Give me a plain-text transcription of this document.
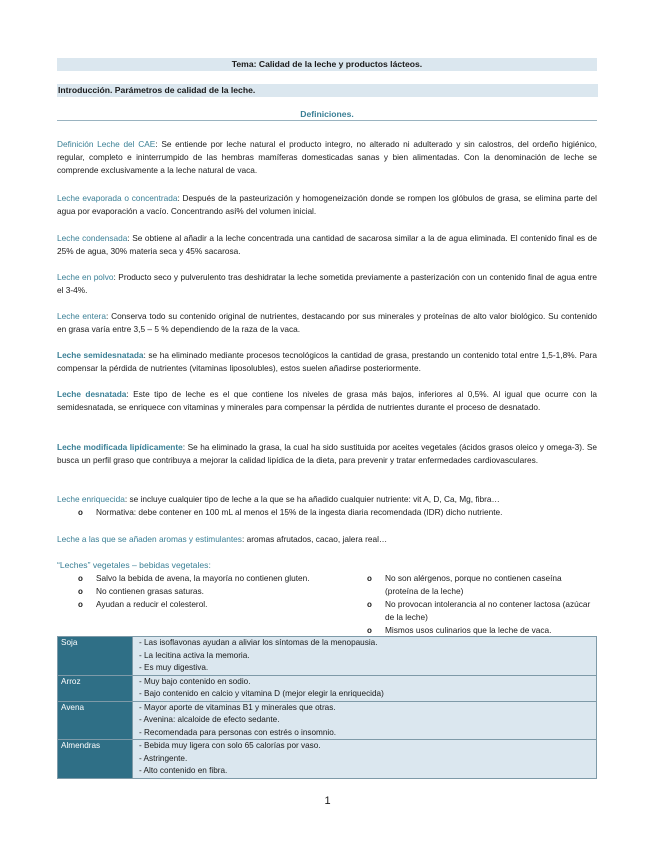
Tema: Calidad de la leche y productos lácteos.
Introducción. Parámetros de calidad de la leche.
Definiciones.
Definición Leche del CAE: Se entiende por leche natural el producto integro, no alterado ni adulterado y sin calostros, del ordeño higiénico, regular, completo e ininterrumpido de las hembras mamíferas domesticadas sanas y bien alimentadas. Con la denominación de leche se comprende exclusivamente a la leche natural de vaca.
Leche evaporada o concentrada: Después de la pasteurización y homogeneización donde se rompen los glóbulos de grasa, se elimina parte del agua por evaporación a vacío. Concentrando así% del volumen inicial.
Leche condensada: Se obtiene al añadir a la leche concentrada una cantidad de sacarosa similar a la de agua eliminada. El contenido final es de 25% de agua, 30% materia seca y 45% sacarosa.
Leche en polvo: Producto seco y pulverulento tras deshidratar la leche sometida previamente a pasterización con un contenido final de agua entre el 3-4%.
Leche entera: Conserva todo su contenido original de nutrientes, destacando por sus minerales y proteínas de alto valor biológico. Su contenido en grasa varía entre 3,5 – 5 % dependiendo de la raza de la vaca.
Leche semidesnatada: se ha eliminado mediante procesos tecnológicos la cantidad de grasa, prestando un contenido total entre 1,5-1,8%. Para compensar la pérdida de nutrientes (vitaminas liposolubles), estos suelen añadirse posteriormente.
Leche desnatada: Este tipo de leche es el que contiene los niveles de grasa más bajos, inferiores al 0,5%. Al igual que ocurre con la semidesnatada, se enriquece con vitaminas y minerales para compensar la pérdida de nutrientes durante el proceso de desnatado.
Leche modificada lipídicamente: Se ha eliminado la grasa, la cual ha sido sustituida por aceites vegetales (ácidos grasos oleico y omega-3). Se busca un perfil graso que contribuya a mejorar la calidad lipídica de la dieta, para prevenir y tratar enfermedades cardiovasculares.
Leche enriquecida: se incluye cualquier tipo de leche a la que se ha añadido cualquier nutriente: vit A, D, Ca, Mg, fibra…
o Normativa: debe contener en 100 mL al menos el 15% de la ingesta diaria recomendada (IDR) dicho nutriente.
Leche a las que se añaden aromas y estimulantes: aromas afrutados, cacao, jalera real…
“Leches” vegetales – bebidas vegetales:
o Salvo la bebida de avena, la mayoría no contienen gluten.
o No contienen grasas saturas.
o Ayudan a reducir el colesterol.
o No son alérgenos, porque no contienen caseína (proteína de la leche)
o No provocan intolerancia al no contener lactosa (azúcar de la leche)
o Mismos usos culinarios que la leche de vaca.
Soja	- Las isoflavonas ayudan a aliviar los síntomas de la menopausia.
- La lecitina activa la memoria.
- Es muy digestiva.

Arroz	- Muy bajo contenido en sodio.
- Bajo contenido en calcio y vitamina D (mejor elegir la enriquecida)

Avena	- Mayor aporte de vitaminas B1 y minerales que otras.
- Avenina: alcaloide de efecto sedante.
- Recomendada para personas con estrés o insomnio.

Almendras	- Bebida muy ligera con solo 65 calorías por vaso.
- Astringente.
- Alto contenido en fibra.
1
